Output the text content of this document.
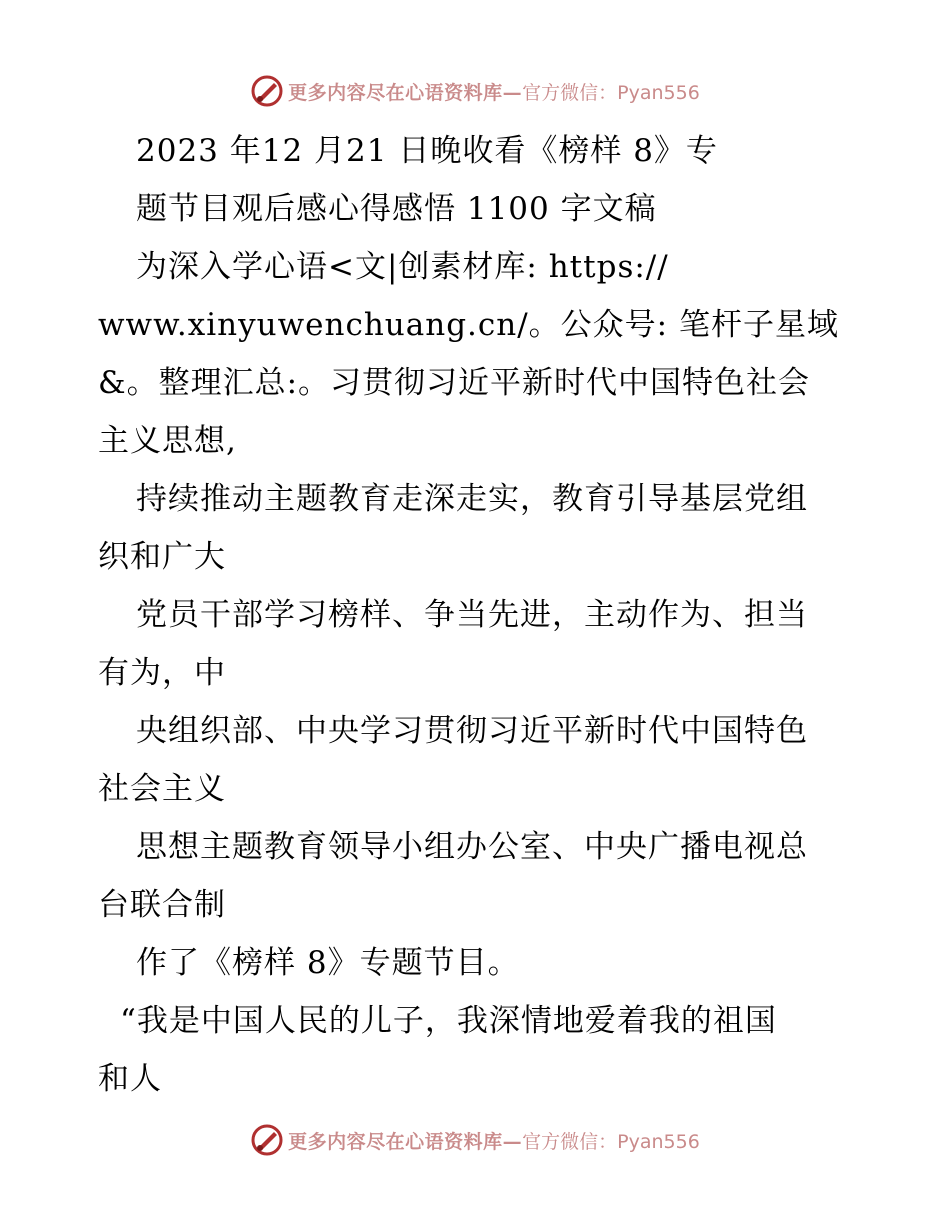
更多内容尽在心语资料库— 官方微信：Pyan556
2023 年12 月21 日晚收看《榜样 8》专
题节目观后感心得感悟 1100 字文稿
为深入学心语<文|创素材库: https://
www.xinyuwenchuang.cn/。公众号: 笔杆子星域
&。整理汇总:。习贯彻习近平新时代中国特色社会
主义思想,
持续推动主题教育走深走实，教育引导基层党组
织和广大
党员干部学习榜样、争当先进，主动作为、担当
有为，中
央组织部、中央学习贯彻习近平新时代中国特色
社会主义
思想主题教育领导小组办公室、中央广播电视总
台联合制
作了《榜样 8》专题节目。
“我是中国人民的儿子，我深情地爱着我的祖国
和人
更多内容尽在心语资料库— 官方微信：Pyan556
